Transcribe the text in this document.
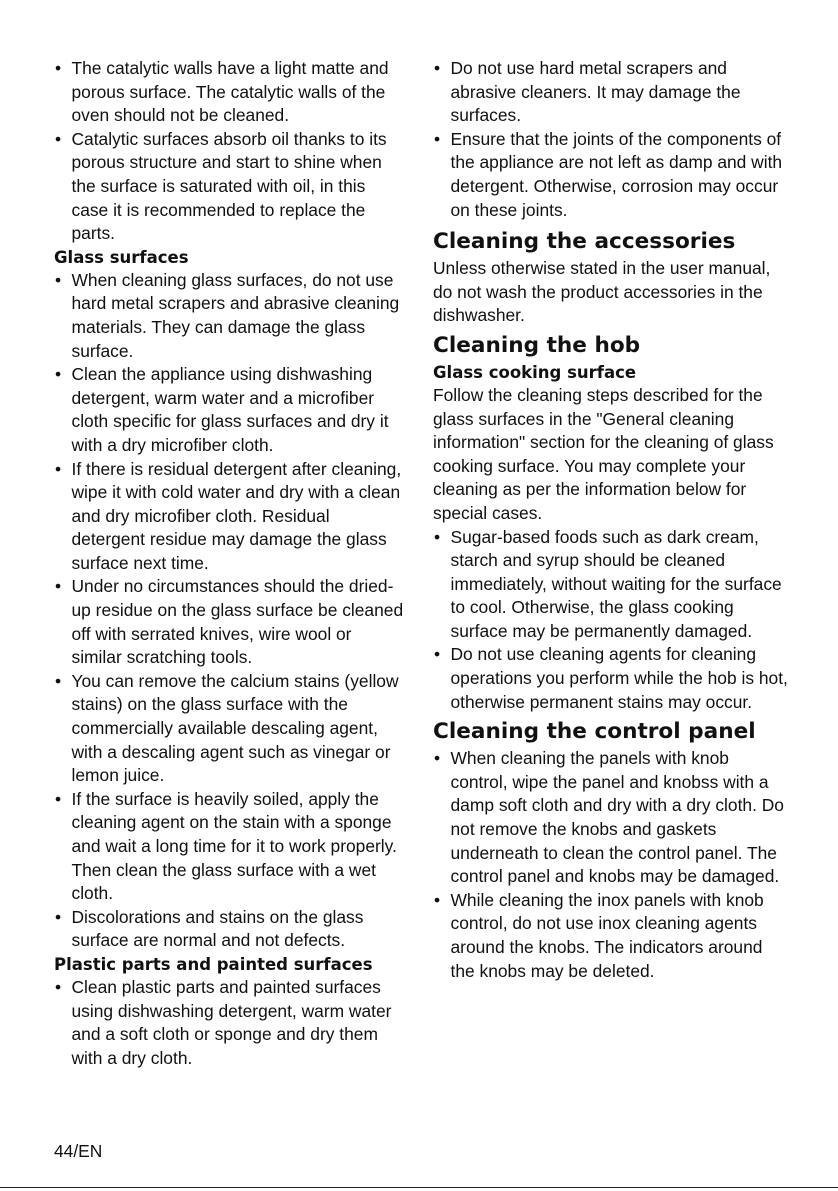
• The catalytic walls have a light matte and porous surface. The catalytic walls of the oven should not be cleaned.
• Catalytic surfaces absorb oil thanks to its porous structure and start to shine when the surface is saturated with oil, in this case it is recommended to replace the parts.
Glass surfaces
• When cleaning glass surfaces, do not use hard metal scrapers and abrasive cleaning materials. They can damage the glass surface.
• Clean the appliance using dishwashing detergent, warm water and a microfiber cloth specific for glass surfaces and dry it with a dry microfiber cloth.
• If there is residual detergent after cleaning, wipe it with cold water and dry with a clean and dry microfiber cloth. Residual detergent residue may damage the glass surface next time.
• Under no circumstances should the dried-up residue on the glass surface be cleaned off with serrated knives, wire wool or similar scratching tools.
• You can remove the calcium stains (yellow stains) on the glass surface with the commercially available descaling agent, with a descaling agent such as vinegar or lemon juice.
• If the surface is heavily soiled, apply the cleaning agent on the stain with a sponge and wait a long time for it to work properly. Then clean the glass surface with a wet cloth.
• Discolorations and stains on the glass surface are normal and not defects.
Plastic parts and painted surfaces
• Clean plastic parts and painted surfaces using dishwashing detergent, warm water and a soft cloth or sponge and dry them with a dry cloth.
• Do not use hard metal scrapers and abrasive cleaners. It may damage the surfaces.
• Ensure that the joints of the components of the appliance are not left as damp and with detergent. Otherwise, corrosion may occur on these joints.
Cleaning the accessories

Unless otherwise stated in the user manual, do not wash the product accessories in the dishwasher.

Cleaning the hob
Glass cooking surface

Follow the cleaning steps described for the glass surfaces in the "General cleaning information" section for the cleaning of glass cooking surface. You may complete your cleaning as per the information below for special cases.

• Sugar-based foods such as dark cream, starch and syrup should be cleaned immediately, without waiting for the surface to cool. Otherwise, the glass cooking surface may be permanently damaged.
• Do not use cleaning agents for cleaning operations you perform while the hob is hot, otherwise permanent stains may occur.
Cleaning the control panel
• When cleaning the panels with knob control, wipe the panel and knobss with a damp soft cloth and dry with a dry cloth. Do not remove the knobs and gaskets underneath to clean the control panel. The control panel and knobs may be damaged.
• While cleaning the inox panels with knob control, do not use inox cleaning agents around the knobs. The indicators around the knobs may be deleted.
44/EN
